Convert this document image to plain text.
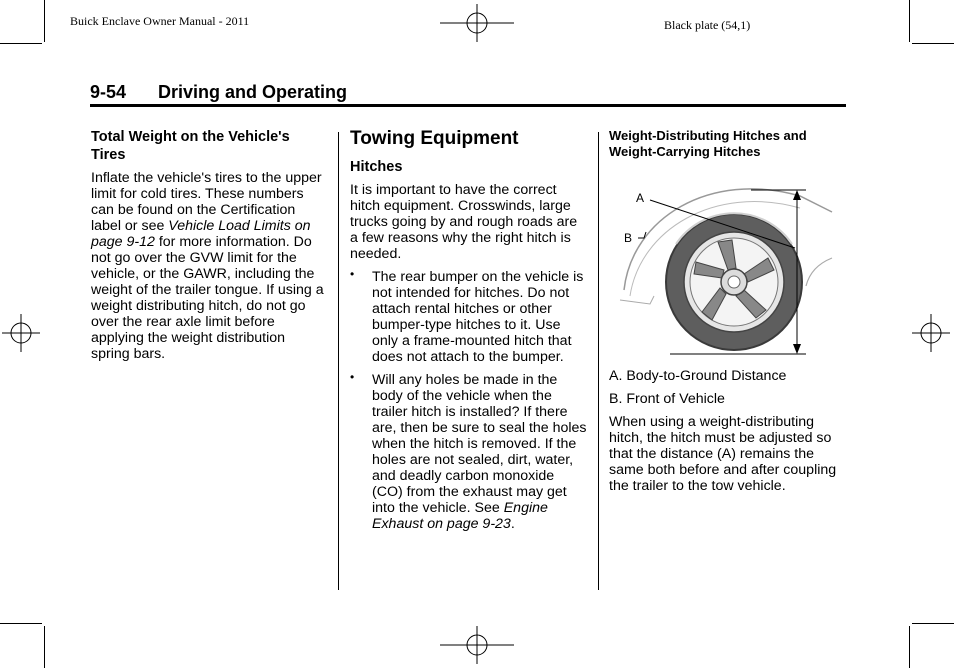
Buick Enclave Owner Manual - 2011	Black plate (54,1)
9-54 Driving and Operating
Total Weight on the Vehicle's Tires

Inflate the vehicle's tires to the upper limit for cold tires. These numbers can be found on the Certification label or see Vehicle Load Limits on page 9-12 for more information. Do not go over the GVW limit for the vehicle, or the GAWR, including the weight of the trailer tongue. If using a weight distributing hitch, do not go over the rear axle limit before applying the weight distribution spring bars.

Towing Equipment
Hitches

It is important to have the correct hitch equipment. Crosswinds, large trucks going by and rough roads are a few reasons why the right hitch is needed.

• The rear bumper on the vehicle is not intended for hitches. Do not attach rental hitches or other bumper-type hitches to it. Use only a frame-mounted hitch that does not attach to the bumper.
• Will any holes be made in the body of the vehicle when the trailer hitch is installed? If there are, then be sure to seal the holes when the hitch is removed. If the holes are not sealed, dirt, water, and deadly carbon monoxide (CO) from the exhaust may get into the vehicle. See Engine Exhaust on page 9-23.
Weight-Distributing Hitches and Weight-Carrying Hitches
A
B

A. Body-to-Ground Distance

B. Front of Vehicle

When using a weight-distributing hitch, the hitch must be adjusted so that the distance (A) remains the same both before and after coupling the trailer to the tow vehicle.
